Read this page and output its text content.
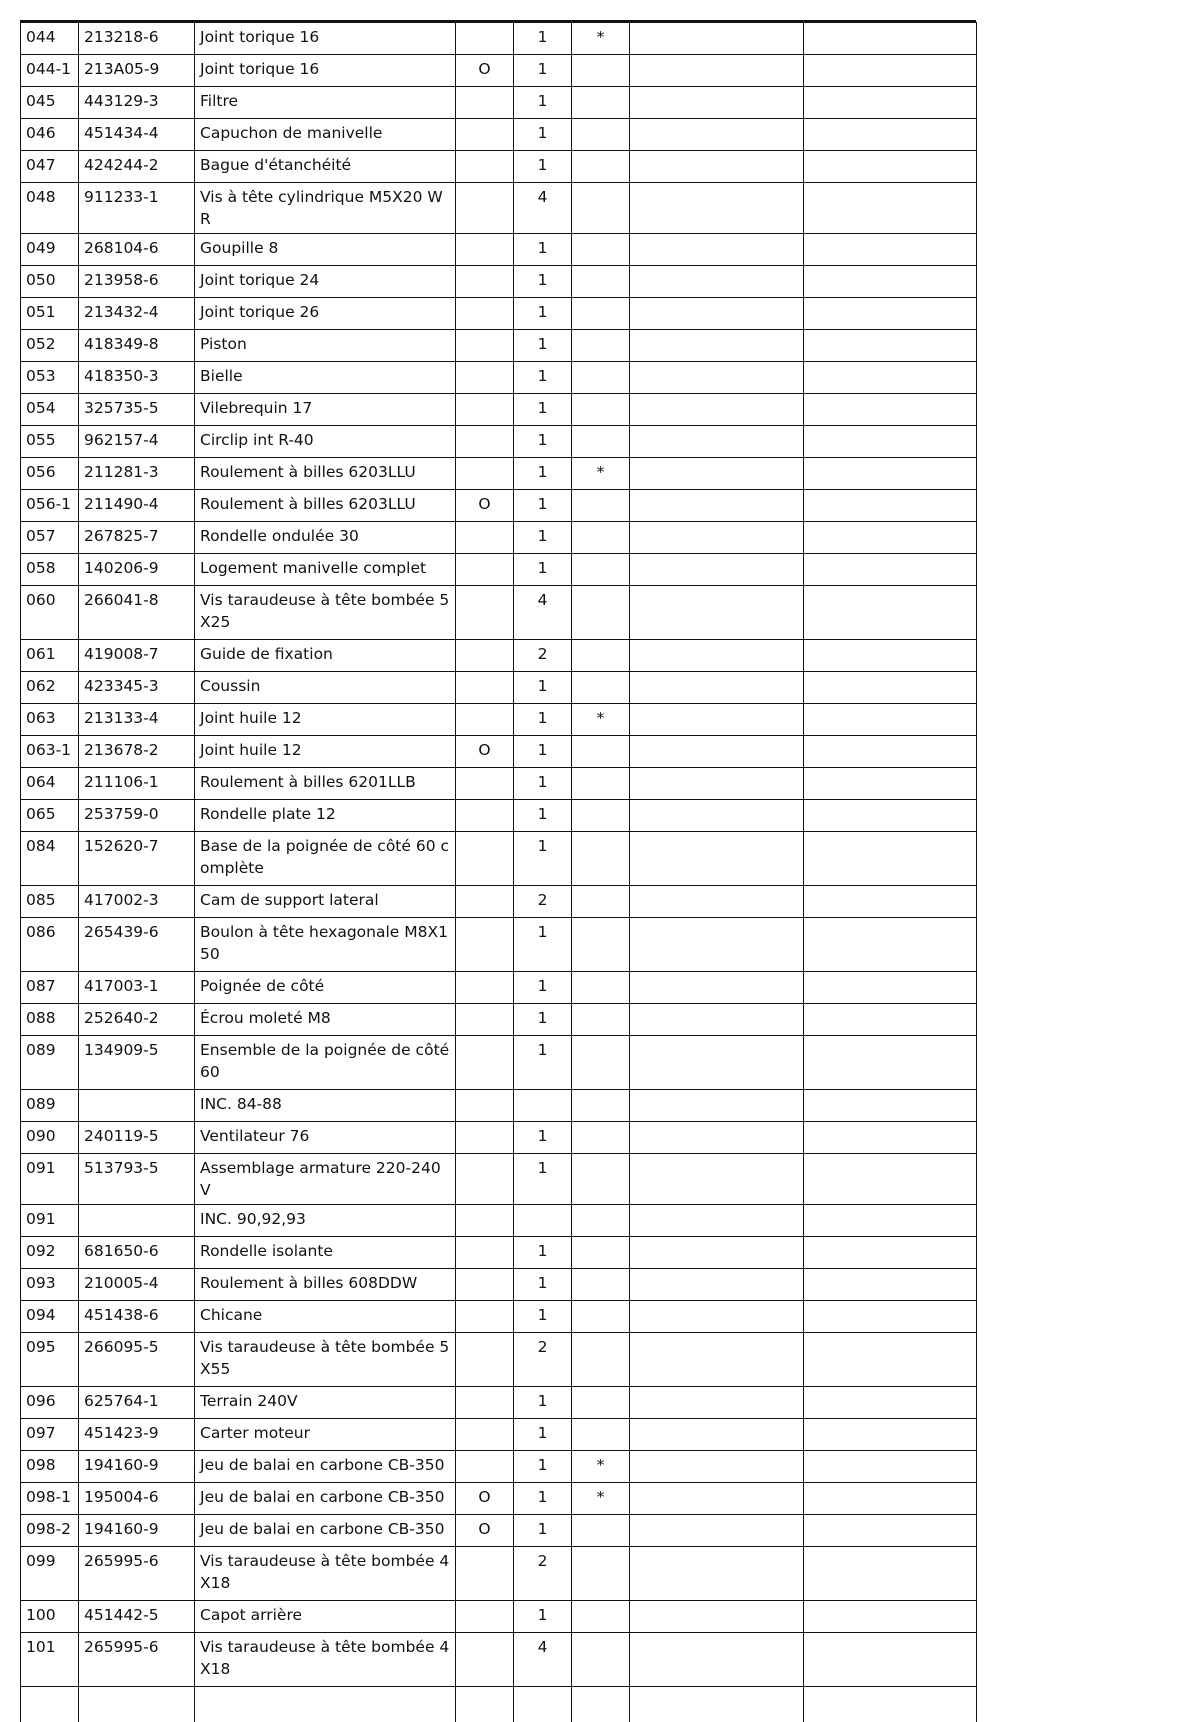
044	213218-6	Joint torique 16		1	*		
044-1	213A05-9	Joint torique 16	O	1			
045	443129-3	Filtre		1			
046	451434-4	Capuchon de manivelle		1			
047	424244-2	Bague d'étanchéité		1			
048	911233-1	Vis à tête cylindrique M5X20 WR		4			
049	268104-6	Goupille 8		1			
050	213958-6	Joint torique 24		1			
051	213432-4	Joint torique 26		1			
052	418349-8	Piston		1			
053	418350-3	Bielle		1			
054	325735-5	Vilebrequin 17		1			
055	962157-4	Circlip int R-40		1			
056	211281-3	Roulement à billes 6203LLU		1	*		
056-1	211490-4	Roulement à billes 6203LLU	O	1			
057	267825-7	Rondelle ondulée 30		1			
058	140206-9	Logement manivelle complet		1			
060	266041-8	Vis taraudeuse à tête bombée 5X25		4			
061	419008-7	Guide de fixation		2			
062	423345-3	Coussin		1			
063	213133-4	Joint huile 12		1	*		
063-1	213678-2	Joint huile 12	O	1			
064	211106-1	Roulement à billes 6201LLB		1			
065	253759-0	Rondelle plate 12		1			
084	152620-7	Base de la poignée de côté 60 complète		1			
085	417002-3	Cam de support lateral		2			
086	265439-6	Boulon à tête hexagonale M8X150		1			
087	417003-1	Poignée de côté		1			
088	252640-2	Écrou moleté M8		1			
089	134909-5	Ensemble de la poignée de côté 60		1			
089		INC. 84-88					
090	240119-5	Ventilateur 76		1			
091	513793-5	Assemblage armature 220-240V		1			
091		INC. 90,92,93					
092	681650-6	Rondelle isolante		1			
093	210005-4	Roulement à billes 608DDW		1			
094	451438-6	Chicane		1			
095	266095-5	Vis taraudeuse à tête bombée 5X55		2			
096	625764-1	Terrain 240V		1			
097	451423-9	Carter moteur		1			
098	194160-9	Jeu de balai en carbone CB-350		1	*		
098-1	195004-6	Jeu de balai en carbone CB-350	O	1	*		
098-2	194160-9	Jeu de balai en carbone CB-350	O	1			
099	265995-6	Vis taraudeuse à tête bombée 4X18		2			
100	451442-5	Capot arrière		1			
101	265995-6	Vis taraudeuse à tête bombée 4X18		4			
